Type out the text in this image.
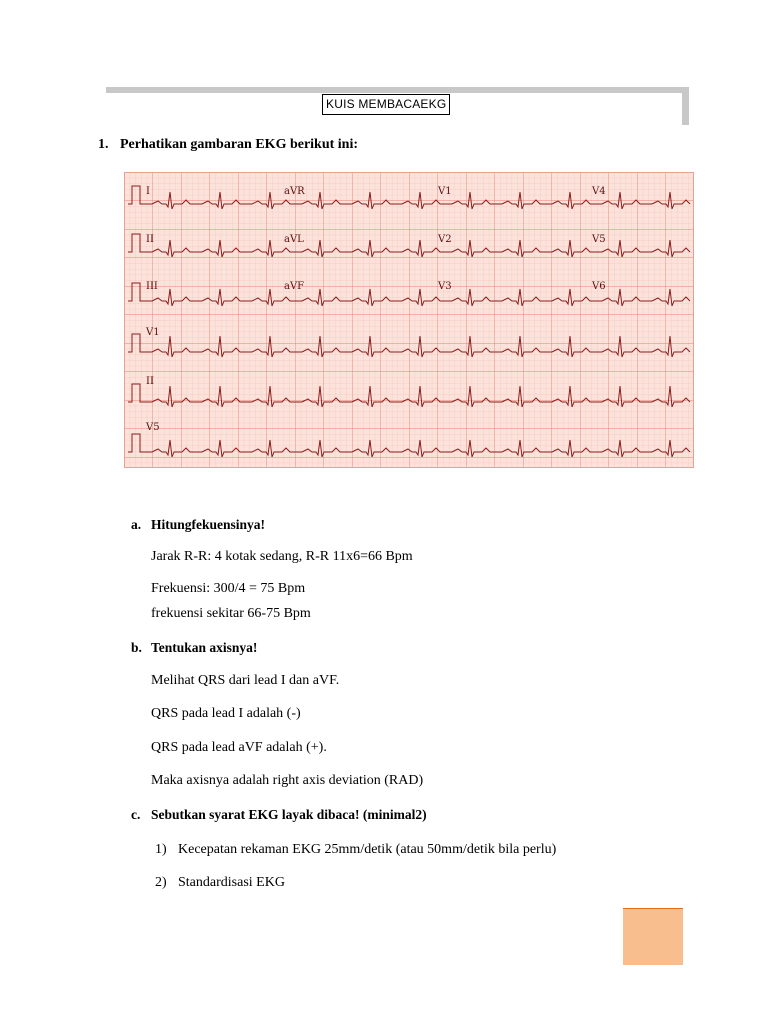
KUIS MEMBACAEKG
1. Perhatikan gambaran EKG berikut ini:
I
II
III
V1
II
V5
aVR
aVL
aVF
V1
V2
V3
V4
V5
V6
a. Hitungfekuensinya!
Jarak R-R: 4 kotak sedang, R-R 11x6=66 Bpm
Frekuensi: 300/4 = 75 Bpm
frekuensi sekitar 66-75 Bpm
b. Tentukan axisnya!
Melihat QRS dari lead I dan aVF.
QRS pada lead I adalah (-)
QRS pada lead aVF adalah (+).
Maka axisnya adalah right axis deviation (RAD)
c. Sebutkan syarat EKG layak dibaca! (minimal2)
1) Kecepatan rekaman EKG 25mm/detik (atau 50mm/detik bila perlu)
2) Standardisasi EKG
